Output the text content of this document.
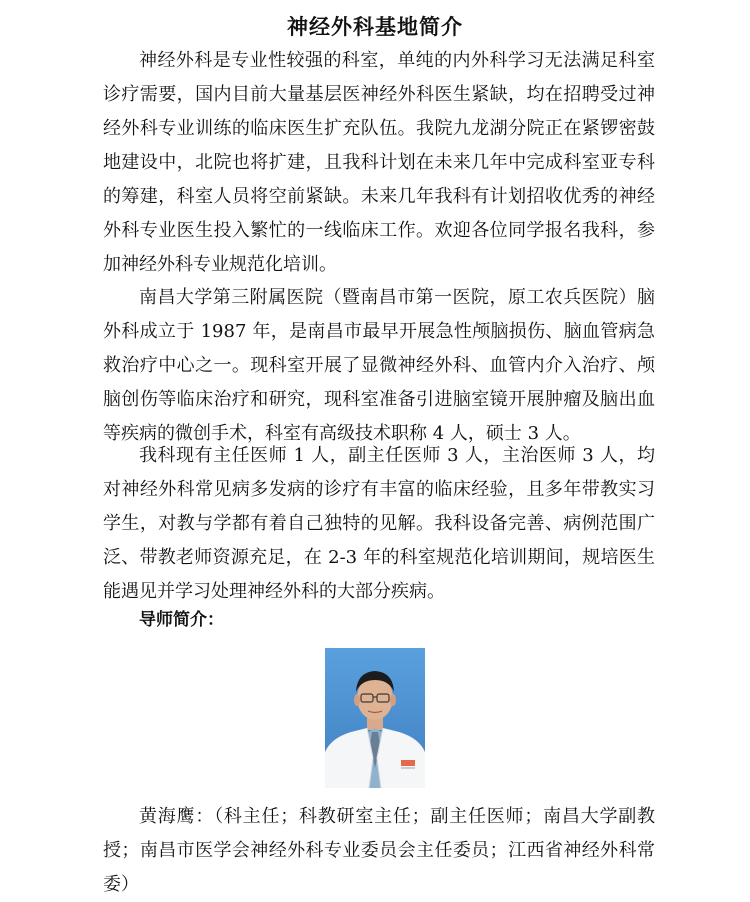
神经外科基地简介

神经外科是专业性较强的科室，单纯的内外科学习无法满足科室诊疗需要，国内目前大量基层医神经外科医生紧缺，均在招聘受过神经外科专业训练的临床医生扩充队伍。我院九龙湖分院正在紧锣密鼓地建设中，北院也将扩建，且我科计划在未来几年中完成科室亚专科的筹建，科室人员将空前紧缺。未来几年我科有计划招收优秀的神经外科专业医生投入繁忙的一线临床工作。欢迎各位同学报名我科，参加神经外科专业规范化培训。

南昌大学第三附属医院（暨南昌市第一医院，原工农兵医院）脑外科成立于 1987 年，是南昌市最早开展急性颅脑损伤、脑血管病急救治疗中心之一。现科室开展了显微神经外科、血管内介入治疗、颅脑创伤等临床治疗和研究，现科室准备引进脑室镜开展肿瘤及脑出血等疾病的微创手术，科室有高级技术职称 4 人，硕士 3 人。

我科现有主任医师 1 人，副主任医师 3 人，主治医师 3 人，均对神经外科常见病多发病的诊疗有丰富的临床经验，且多年带教实习学生，对教与学都有着自己独特的见解。我科设备完善、病例范围广泛、带教老师资源充足，在 2-3 年的科室规范化培训期间，规培医生能遇见并学习处理神经外科的大部分疾病。

导师简介：

黄海鹰：（科主任；科教研室主任；副主任医师；南昌大学副教授；南昌市医学会神经外科专业委员会主任委员；江西省神经外科常委）
